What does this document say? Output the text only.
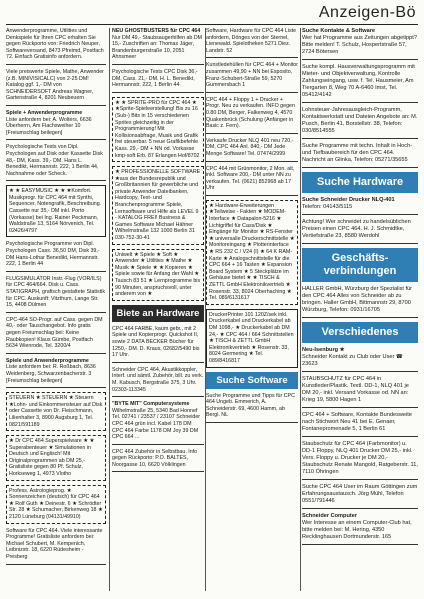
Anzeigen-Bö
Anwenderprogramme, Utilities und Denkspiele für Ihren CPC erhalten Sie gegen Rückporto von: Friedrich Neuper, Softwareversand, 8473 Pfreimd, Postfach 72. Einfach Gratisinfo anfordern.
Viele preiswerte Spiele, Mathe, Anwender (z.B. MINIVISICALC) von 2-25 DM! Katalog ggf. 1,- DM von SCHNEIDERSOFT Andreas Wagner, Gartenstraße 4, 8201 Neubeuern
Spiele + Anwenderprogramme
Liste anfordern bei: A. Wolters, 6636 Überherrn, Am Flachsweiher 10 [Freiumschlag beilegen]
Psychologische Tests von Dipl. Psychologen auf Disk oder Kassette Disk 48,- DM, Kass. 39,- DM. Hans L. Benedikt, Hermannstr. 222, 1 Berlin 44, Nachnahme oder Scheck.
★ ★ EASYMUSIC ★ ★ ★Komfort. Musikprogr. für CPC 464 mit Synthi, Sequencer, Notengrafik, Beschreibung. Cassette nur 35,- DM inkl. Porto (Vorkasse) bei Ing. Rainer Peckmann, Waldstraße 13, 5164 Nörvenich, Tel. 02426/4797
Psychologische Programme von Dipl. Psychologen Cass. 36,50 DM, Disk 39,- DM Hans-Lothar Benedikt, Hermannstr. 222, 1 Berlin 44
FLUGSIMULATOR Instr.-Flug (VOR/ILS) für CPC 464/664. Disk u. Cass. STATIGRAPH, grafisch gestaltete Statistik für CPC. Auskunft: Vitzthum, Lange Str. 15, 4408 Dülmen
CPC-464 SO-Progr. auf Cass. gegen DM 40,- oder Tauschangebot. Info gratis gegen Freiumschlag bei: Keine Raubkopien! Klaus Gümbe, Postfach 5634 Wienrode, Tel. 3200/4
Spiele und Anwenderprogramme
Liste anfordern bei: R. Roßbach, 8636 Weidenberg, Schwarzenbacherstr. 3 [Freiumschlag beilegen]
STEUERN ★ STEUERN ★ Steuern ★Lohn- und Einkommensteuer auf Disk oder Cassette von Dr. Fleischmann, Lilienhalter 3, 8900 Augsburg 1, Tel. 0821/591189
★ Dr CPC 464 Superspielware ★ ★ Superabenteuer ★ Simulationen in Deutsch und Englisch! Mit Originalprogrammen ab DM 25,- Gratisliste gegen 80 Pf. Schulz, Horkseweg 1, 4973 Vlotho
Profess. Astrologieprog. ★ Sonnenzeichen (deutsch) für CPC 464 ★ Rolf Guth ★ Deinestr. 6 ★ Schrödter Str. 28 ★ Schumacher, Birkenweg 18 ★ 2120 Lüneburg (04131/49910)
Software für CPC 464. Viele interessante Programme! Gratisliste anfordern bei: Michael Schubert, M. Kempenich, Leibnizstr. 18, 6220 Rüdesheim - Presberg
NEU GHOSTBUSTERS für CPC 464
Nur DM 49,- Staubsaugerhilfen ab DM 15,- Zuschriften an: Thomas Jäger, Brandenburgerstraße 10, 2051 Ahnsmeer
Psychologische Tests CPC Disk 36,- DM, Cass. 21,- DM. H. L. Benedikt, Hermannstr. 222, 1 Berlin 44
★ ★ SPRITE-PRO für CPC 464 ★ ★Sprite-Spieleerstellung! Bis zu 16 (Sub-) Bits in 15 verschiedenen Sprites gleichzeitig in der Programmierung! Mit Kollisionsabfrage, Musik und Grafik frei steuerbar. 5 neue Grafikbefehle Kass. 29,- DM + NN od. Vorkasse kmp-soft Erb. 87 Erlangen Hof/8702
★ PROFESSIONELLE SOFTWARE ★aus der Bundesrepublik und Großbritannien für gewerbliche und private Anwender Dateibanken, Hardcopy, Text- und Branchenprogramme Spiele, Lernsoftware und Hilfe als LEVEL 9 - KATALOG FREI! Business & Games Software Michael Hähner Wilhelmstraße 132 1000 Berlin 31 030-752-30-41
Uniwelt ★ Spiele ★ Soft ★ Anwender ★ Utilities ★ Mathe ★ Musik ★ Spiele ★ ★ Kopieren ★ Spiele sowie für Anfang der Wahl ★ Tausch 83 51 ★ Lernprogramme bis 90 Minuten, anspruchsvoll, unter anderem von ★
Biete an Hardware
CPC 464 FARBE, kaum gebr., mit 2 Spiele und Kopierprogr. Quickshot II, sowie 2 DATA BECKER Bücher für 1250,- DM. D. Kraus, 02682/5490 bis 17 Uhr.
Schneider CPC 464, Akustikkoppler, Interf. und sämtl. Zubehör, bill. zu verk. M. Kabusch, Bergstraße 375, 3 Uhr. 02303-113345
"BYTE MIT" Computersysteme
Wilhelmstraße 25, 5340 Bad Honnef Tel. 02741 / 23537 / 23107 Schneider CPC 464 grün incl. Kabel 178 DM CPC 464 Farbe 1178 DM Joy 39 DM CPC 664 ...
CPC 464 Zubehör in Selbstbau. Info gegen Rückporto: P.O. BALTES, Noorgasse 10, 6620 Völklingen
Software, Hardware für CPC 464 Liste anfordern, Dönges von der Sternel, Lienewald. Spielotheken 5271 Diez. Landstr. 52
Kunstledehüllen für CPC 464 + Monitor zusammen 49,90 + NN bei Esposito, Franz-Schubert-Straße 59, 5270 Gummersbach 1
CPC 464 + Floppy 1 + Drucker + Progr. Neu zu verkaufen. INFO gegen 0.80 DM, Berger, Falkenweg 4, 4570 Quakenbrück (Schulung (Anfänger in Basic z. Fern).
Verkaufe Drucker NLQ 401 neu 720,- DM, CPC 464 Anl. 840,- DM Jede Menge Software! Tel. 07474/2999
CPC 464 mit Grünmonitor, 2 Mon. alt, inkl. Software 200,- DM unter NN zu verkaufen. Tel. (0621) 852968 ab 17 Uhr
★ Hardware-Erweiterungen ★Teilweise - Fakten ★ MODEM-Interface ★ Datapalon-5216 ★ Lichtgriffel für Cass/Disk ★ Eingänge für Monitor ★ RS-Fenster ★ universalle Druckerschnittstelle ★ Monitoreingang ★ Plotterinterface ★ RS 232 C / V24 (I) ★ 64 K RAM-Karte ★ Analogschnittstelle für die CPC 664 + 16 Tasten ★ Expansion Board System ★ 5 Steckplätze im Gehäuse bietet ★ ★ TISCH & ZETTL GmbH Elektronikvertrieb ★ Rosenstr. 33, 8024 Oberhaching ★ Tel. 089/6131617
DruckerPrinter 101 120Z/sek inkl. Druckerkabel und Druckerkabel ab DM 1098,- ★ Druckerkabel ab DM 24,- ★ CPC 464 / 664 Schnittstellen ★ TISCH & ZETTL GmbH Elektronikvertrieb ★ Rosenstr. 33, 8024 Germering ★ Tel. 089/8416817
Suche Software
Suche Programme und Tipps für CPC 464 Ungeb. Emmerich, A. Schneiderstr. 69, 4600 Hamm, ab Bergl. NL
Suche Kontakte & Software
Wer hat Programme aus Zeitungen abgetippt? Bitte melden! T. Schulz, Hospertstraße 57, 2724 Bötersen
Suche kompl. Hausverwaltungsprogramm mit Mieter- und Objektverwaltung, Kontrolle Zahlungseingang, usw. f. Tel. Hausmeier, Am Tiergarten 8, Weg 70 A-6460 Imst, Tel. 05412/4142
Lohnsteuer-Jahresausgleich-Programm, Kontaktwerkstatt und Dateien Angebote an: M. Pusch, Berlin 41, Borstellstr. 38, Telefon: 030/8514555
Suche Programme mit techn. Inhalt in Hoch- und Tiefbaubereich für den CPC 464. Nachricht an Glinka, Telefon: 05271/35655
Suche Hardware
Suche Schneider Drucker NLQ-401
Telefon: 04143/5115
Achtung! Wer schneidet zu handelsüblichen Preisen einen CPC 464. H. J. Schmidtke, Vertiefstraße 23, 8580 Werdohl
Geschäfts-
verbindungen
HALLER GmbH, Würzburg der Spezialist für den CPC 464 Alles von Schneider ab zu bringen. Haller GmbH, Bittmannstr 29, 8700 Würzburg, Telefon: 0931/16705
Verschiedenes
Neu-Isenburg ★
Schneider Kontakt zu Club oder User ☎ 23623
STAUBSCHUTZ für CPC 464 in Kunstleder/Plastik. Textl. DD-1, NLQ 401 je DM 20,- inkl. Versand Vorkasse od. NN an: Krieg 19, 5800 Hagen 1
CPC 464 + Software, Kontakte Bundesweite nach Stichwort Neu 41 bei E. Genaer, Fontanepromenade 5, 1 Berlin 61
Staubschutz für CPC 464 (Farbmonitor) u. DD-1 Floppy, NLQ 401 Drucker DM 25,- inkl. Vers. Floppy u. Drucker je DM 20,- Staubschutz Renate Mangold, Ratgeberstr. 11, 7110 Öhringen
Suche CPC 464 User im Raum Göttingen zum Erfahrungsaustausch. Jörg Mühl, Telefon 0551/791446
Schneider Computer
Wer Interesse an einem Computer-Club hat, bitte melden bei: M. Hering, 4350 Recklinghausen Dortmunderstr. 165
